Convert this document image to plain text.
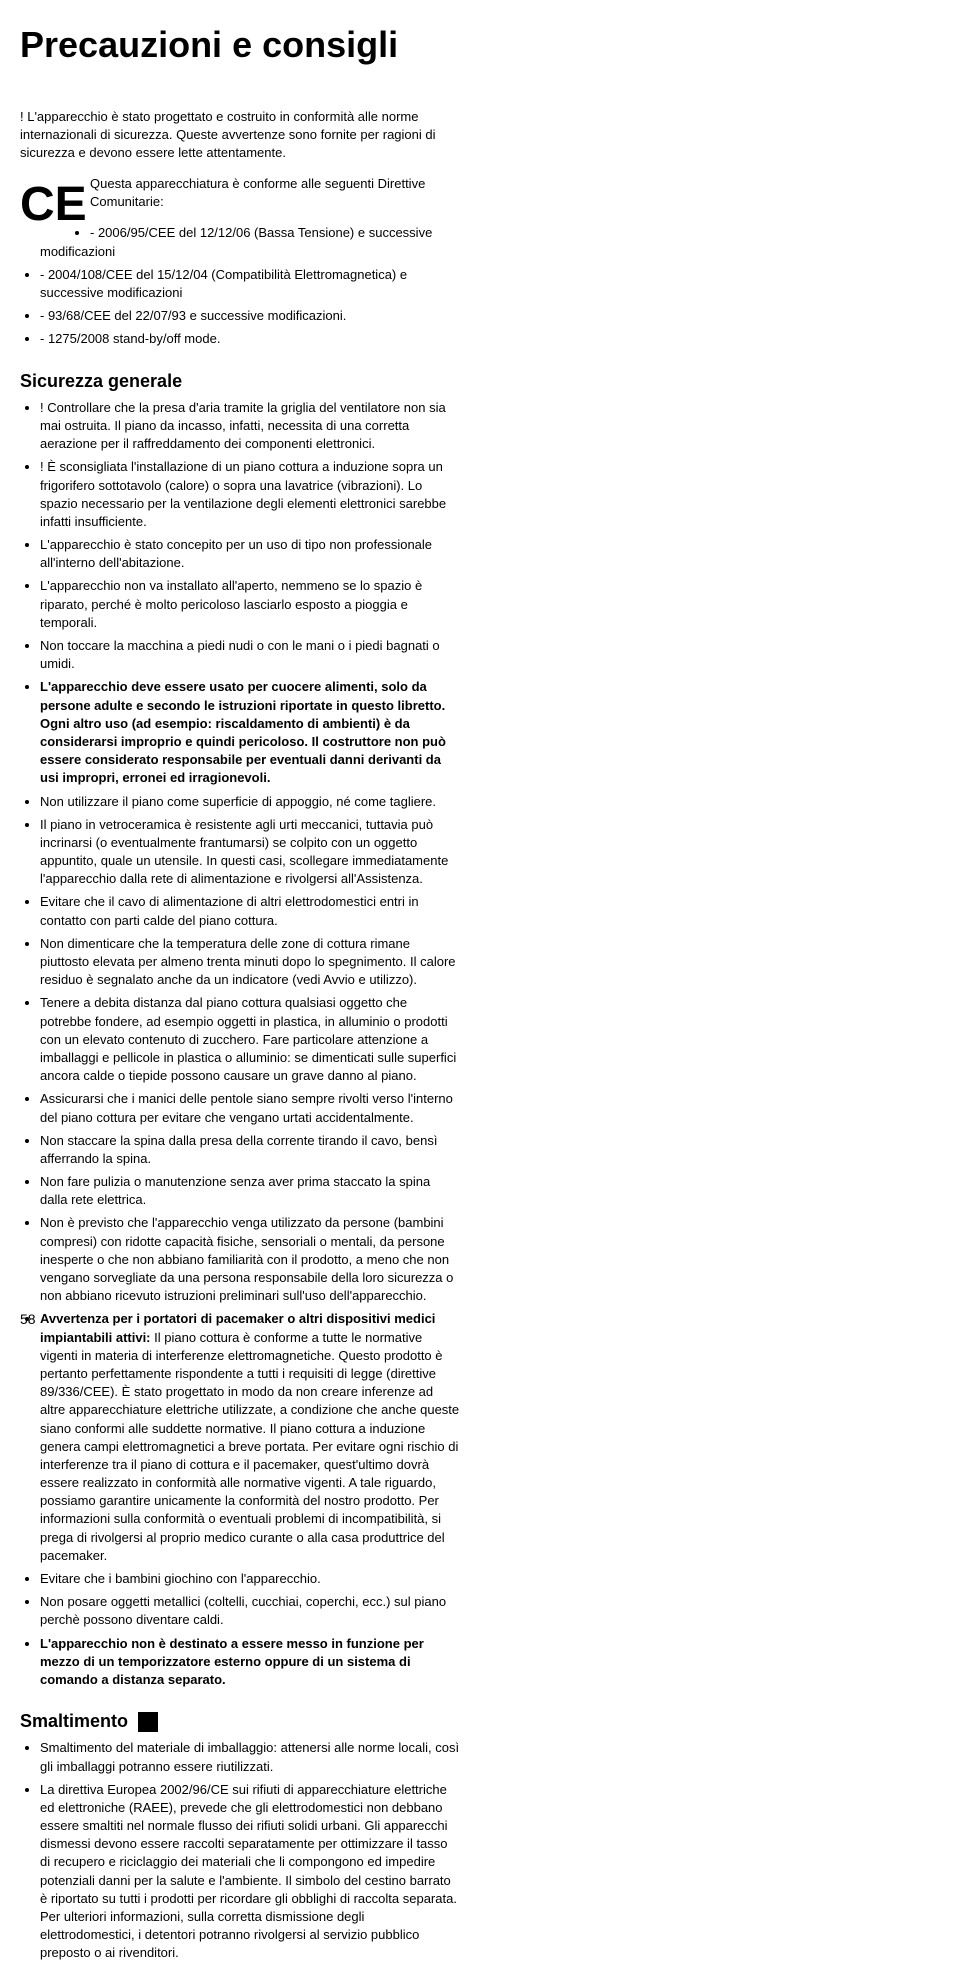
Precauzioni e consigli

! L'apparecchio è stato progettato e costruito in conformità alle norme internazionali di sicurezza. Queste avvertenze sono fornite per ragioni di sicurezza e devono essere lette attentamente.

CE Questa apparecchiatura è conforme alle seguenti Direttive Comunitarie:

• - 2006/95/CEE del 12/12/06 (Bassa Tensione) e successive modificazioni
• - 2004/108/CEE del 15/12/04 (Compatibilità Elettromagnetica) e successive modificazioni
• - 93/68/CEE del 22/07/93 e successive modificazioni.
• - 1275/2008 stand-by/off mode.
Sicurezza generale
• ! Controllare che la presa d'aria tramite la griglia del ventilatore non sia mai ostruita. Il piano da incasso, infatti, necessita di una corretta aerazione per il raffreddamento dei componenti elettronici.
• ! È sconsigliata l'installazione di un piano cottura a induzione sopra un frigorifero sottotavolo (calore) o sopra una lavatrice (vibrazioni). Lo spazio necessario per la ventilazione degli elementi elettronici sarebbe infatti insufficiente.
• L'apparecchio è stato concepito per un uso di tipo non professionale all'interno dell'abitazione.
• L'apparecchio non va installato all'aperto, nemmeno se lo spazio è riparato, perché è molto pericoloso lasciarlo esposto a pioggia e temporali.
• Non toccare la macchina a piedi nudi o con le mani o i piedi bagnati o umidi.
• L'apparecchio deve essere usato per cuocere alimenti, solo da persone adulte e secondo le istruzioni riportate in questo libretto. Ogni altro uso (ad esempio: riscaldamento di ambienti) è da considerarsi improprio e quindi pericoloso. Il costruttore non può essere considerato responsabile per eventuali danni derivanti da usi impropri, erronei ed irragionevoli.
• Non utilizzare il piano come superficie di appoggio, né come tagliere.
• Il piano in vetroceramica è resistente agli urti meccanici, tuttavia può incrinarsi (o eventualmente frantumarsi) se colpito con un oggetto appuntito, quale un utensile. In questi casi, scollegare immediatamente l'apparecchio dalla rete di alimentazione e rivolgersi all'Assistenza.
• Evitare che il cavo di alimentazione di altri elettrodomestici entri in contatto con parti calde del piano cottura.
• Non dimenticare che la temperatura delle zone di cottura rimane piuttosto elevata per almeno trenta minuti dopo lo spegnimento. Il calore residuo è segnalato anche da un indicatore (vedi Avvio e utilizzo).
• Tenere a debita distanza dal piano cottura qualsiasi oggetto che potrebbe fondere, ad esempio oggetti in plastica, in alluminio o prodotti con un elevato contenuto di zucchero. Fare particolare attenzione a imballaggi e pellicole in plastica o alluminio: se dimenticati sulle superfici ancora calde o tiepide possono causare un grave danno al piano.
• Assicurarsi che i manici delle pentole siano sempre rivolti verso l'interno del piano cottura per evitare che vengano urtati accidentalmente.
• Non staccare la spina dalla presa della corrente tirando il cavo, bensì afferrando la spina.
• Non fare pulizia o manutenzione senza aver prima staccato la spina dalla rete elettrica.
• Non è previsto che l'apparecchio venga utilizzato da persone (bambini compresi) con ridotte capacità fisiche, sensoriali o mentali, da persone inesperte o che non abbiano familiarità con il prodotto, a meno che non vengano sorvegliate da una persona responsabile della loro sicurezza o non abbiano ricevuto istruzioni preliminari sull'uso dell'apparecchio.
• Avvertenza per i portatori di pacemaker o altri dispositivi medici impiantabili attivi: Il piano cottura è conforme a tutte le normative vigenti in materia di interferenze elettromagnetiche. Questo prodotto è pertanto perfettamente rispondente a tutti i requisiti di legge (direttive 89/336/CEE). È stato progettato in modo da non creare inferenze ad altre apparecchiature elettriche utilizzate, a condizione che anche queste siano conformi alle suddette normative. Il piano cottura a induzione genera campi elettromagnetici a breve portata. Per evitare ogni rischio di interferenze tra il piano di cottura e il pacemaker, quest'ultimo dovrà essere realizzato in conformità alle normative vigenti. A tale riguardo, possiamo garantire unicamente la conformità del nostro prodotto. Per informazioni sulla conformità o eventuali problemi di incompatibilità, si prega di rivolgersi al proprio medico curante o alla casa produttrice del pacemaker.
• Evitare che i bambini giochino con l'apparecchio.
• Non posare oggetti metallici (coltelli, cucchiai, coperchi, ecc.) sul piano perchè possono diventare caldi.
• L'apparecchio non è destinato a essere messo in funzione per mezzo di un temporizzatore esterno oppure di un sistema di comando a distanza separato.
Smaltimento
• Smaltimento del materiale di imballaggio: attenersi alle norme locali, così gli imballaggi potranno essere riutilizzati.
• La direttiva Europea 2002/96/CE sui rifiuti di apparecchiature elettriche ed elettroniche (RAEE), prevede che gli elettrodomestici non debbano essere smaltiti nel normale flusso dei rifiuti solidi urbani. Gli apparecchi dismessi devono essere raccolti separatamente per ottimizzare il tasso di recupero e riciclaggio dei materiali che li compongono ed impedire potenziali danni per la salute e l'ambiente. Il simbolo del cestino barrato è riportato su tutti i prodotti per ricordare gli obblighi di raccolta separata. Per ulteriori informazioni, sulla corretta dismissione degli elettrodomestici, i detentori potranno rivolgersi al servizio pubblico preposto o ai rivenditori.
58
